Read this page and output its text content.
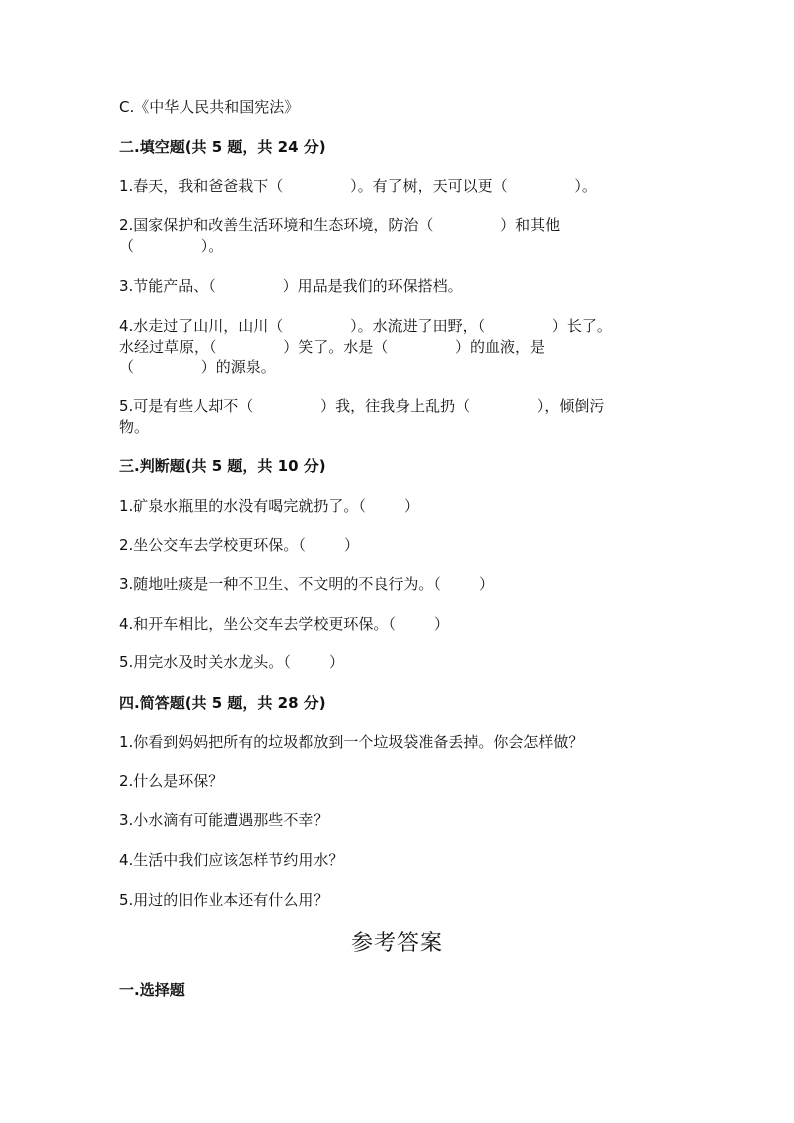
C.《中华人民共和国宪法》
二.填空题(共 5 题，共 24 分)
1.春天，我和爸爸栽下（              ）。有了树，天可以更（              ）。
2.国家保护和改善生活环境和生态环境，防治（              ）和其他
（              ）。
3.节能产品、（              ）用品是我们的环保搭档。
4.水走过了山川，山川（              ）。水流进了田野，（              ）长了。
水经过草原，（              ）笑了。水是（              ）的血液，是
（              ）的源泉。
5.可是有些人却不（              ）我，往我身上乱扔（              ），倾倒污
物。
三.判断题(共 5 题，共 10 分)
1.矿泉水瓶里的水没有喝完就扔了。（        ）
2.坐公交车去学校更环保。（        ）
3.随地吐痰是一种不卫生、不文明的不良行为。（        ）
4.和开车相比，坐公交车去学校更环保。（        ）
5.用完水及时关水龙头。（        ）
四.简答题(共 5 题，共 28 分)
1.你看到妈妈把所有的垃圾都放到一个垃圾袋准备丢掉。你会怎样做？
2.什么是环保？
3.小水滴有可能遭遇那些不幸？
4.生活中我们应该怎样节约用水？
5.用过的旧作业本还有什么用？
参考答案
一.选择题
